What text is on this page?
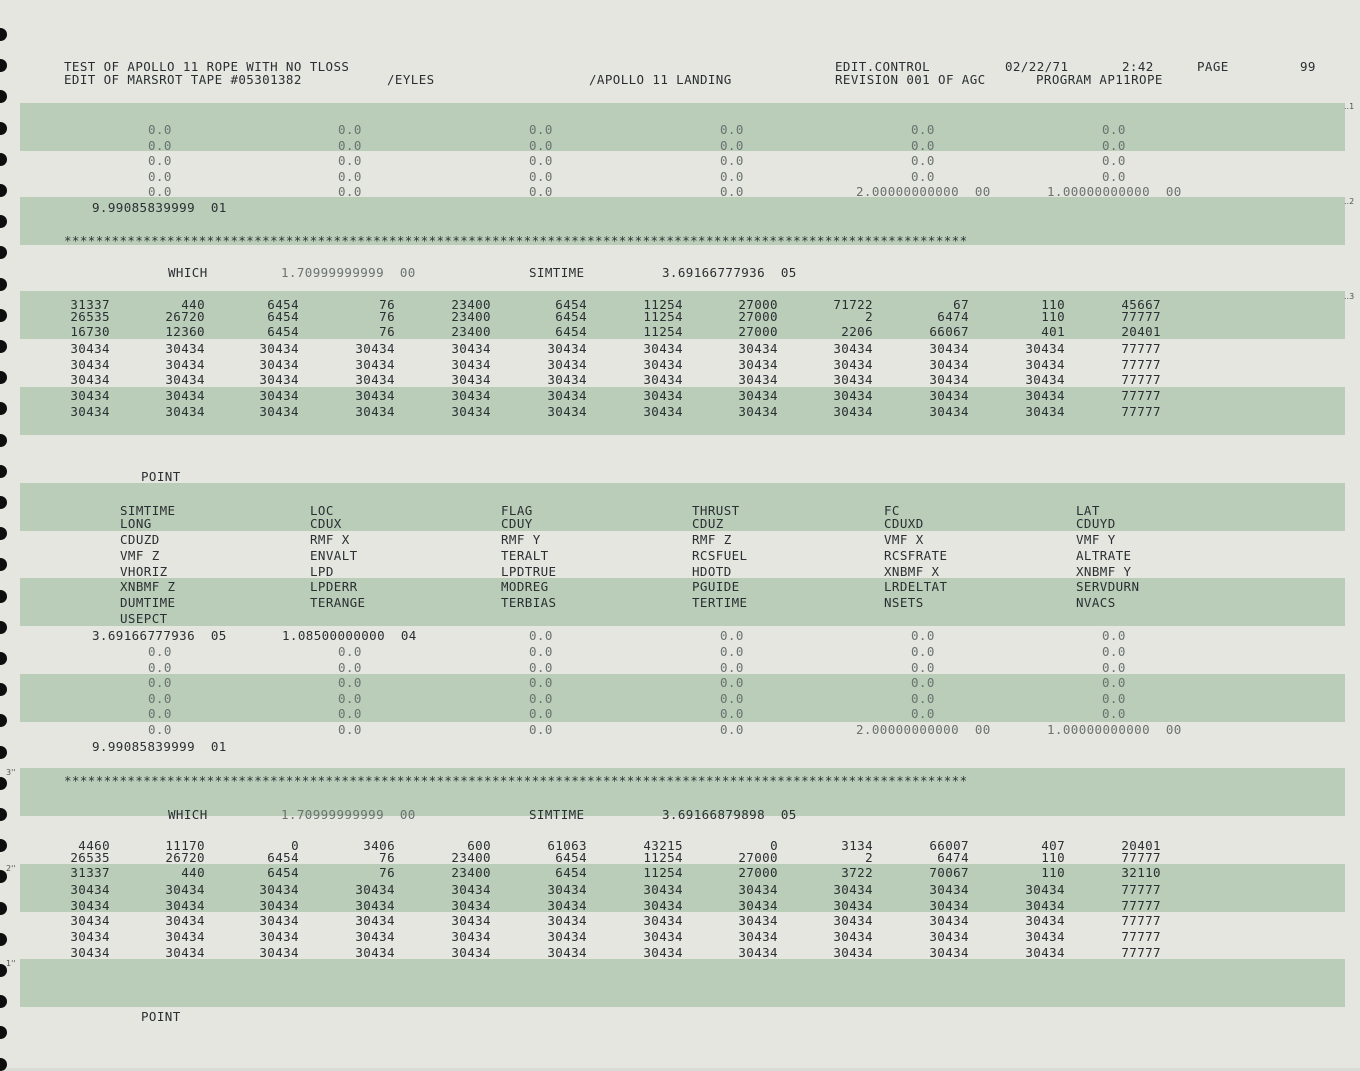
..1
..2
..3
3''
2''
1''
TEST OF APOLLO 11 ROPE WITH NO TLOSS
EDIT OF MARSROT TAPE #05301382	/EYLES	/APOLLO 11 LANDING
EDIT.CONTROL	02/22/71	2:42	PAGE	99
REVISION 001 OF AGC	PROGRAM AP11ROPE
0.0	0.0	0.0	0.0	0.0	0.0
0.0	0.0	0.0	0.0	0.0	0.0
0.0	0.0	0.0	0.0	0.0	0.0
0.0	0.0	0.0	0.0	0.0	0.0
0.0	0.0	0.0	0.0	2.00000000000  00	1.00000000000  00
9.99085839999  01
******************************************************************************************************************
******************************************************************************************************************
WHICH	1.70999999999  00	SIMTIME	3.69166777936  05
WHICH	1.70999999999  00	SIMTIME	3.69166879898  05
31337	440	6454	76	23400	6454	11254	27000	71722	67	110	45667
26535	26720	6454	76	23400	6454	11254	27000	2	6474	110	77777
16730	12360	6454	76	23400	6454	11254	27000	2206	66067	401	20401
30434	30434	30434	30434	30434	30434	30434	30434	30434	30434	30434	77777
30434	30434	30434	30434	30434	30434	30434	30434	30434	30434	30434	77777
30434	30434	30434	30434	30434	30434	30434	30434	30434	30434	30434	77777
30434	30434	30434	30434	30434	30434	30434	30434	30434	30434	30434	77777
30434	30434	30434	30434	30434	30434	30434	30434	30434	30434	30434	77777
4460	11170	0	3406	600	61063	43215	0	3134	66007	407	20401
26535	26720	6454	76	23400	6454	11254	27000	2	6474	110	77777
31337	440	6454	76	23400	6454	11254	27000	3722	70067	110	32110
30434	30434	30434	30434	30434	30434	30434	30434	30434	30434	30434	77777
30434	30434	30434	30434	30434	30434	30434	30434	30434	30434	30434	77777
30434	30434	30434	30434	30434	30434	30434	30434	30434	30434	30434	77777
30434	30434	30434	30434	30434	30434	30434	30434	30434	30434	30434	77777
30434	30434	30434	30434	30434	30434	30434	30434	30434	30434	30434	77777
POINT
POINT
SIMTIME	LOC	FLAG	THRUST	FC	LAT
LONG	CDUX	CDUY	CDUZ	CDUXD	CDUYD
CDUZD	RMF X	RMF Y	RMF Z	VMF X	VMF Y
VMF Z	ENVALT	TERALT	RCSFUEL	RCSFRATE	ALTRATE
VHORIZ	LPD	LPDTRUE	HDOTD	XNBMF X	XNBMF Y
XNBMF Z	LPDERR	MODREG	PGUIDE	LRDELTAT	SERVDURN
DUMTIME	TERANGE	TERBIAS	TERTIME	NSETS	NVACS
USEPCT
3.69166777936  05	1.08500000000  04	0.0	0.0	0.0	0.0
0.0	0.0	0.0	0.0	0.0	0.0
0.0	0.0	0.0	0.0	0.0	0.0
0.0	0.0	0.0	0.0	0.0	0.0
0.0	0.0	0.0	0.0	0.0	0.0
0.0	0.0	0.0	0.0	0.0	0.0
0.0	0.0	0.0	0.0	2.00000000000  00	1.00000000000  00
9.99085839999  01
